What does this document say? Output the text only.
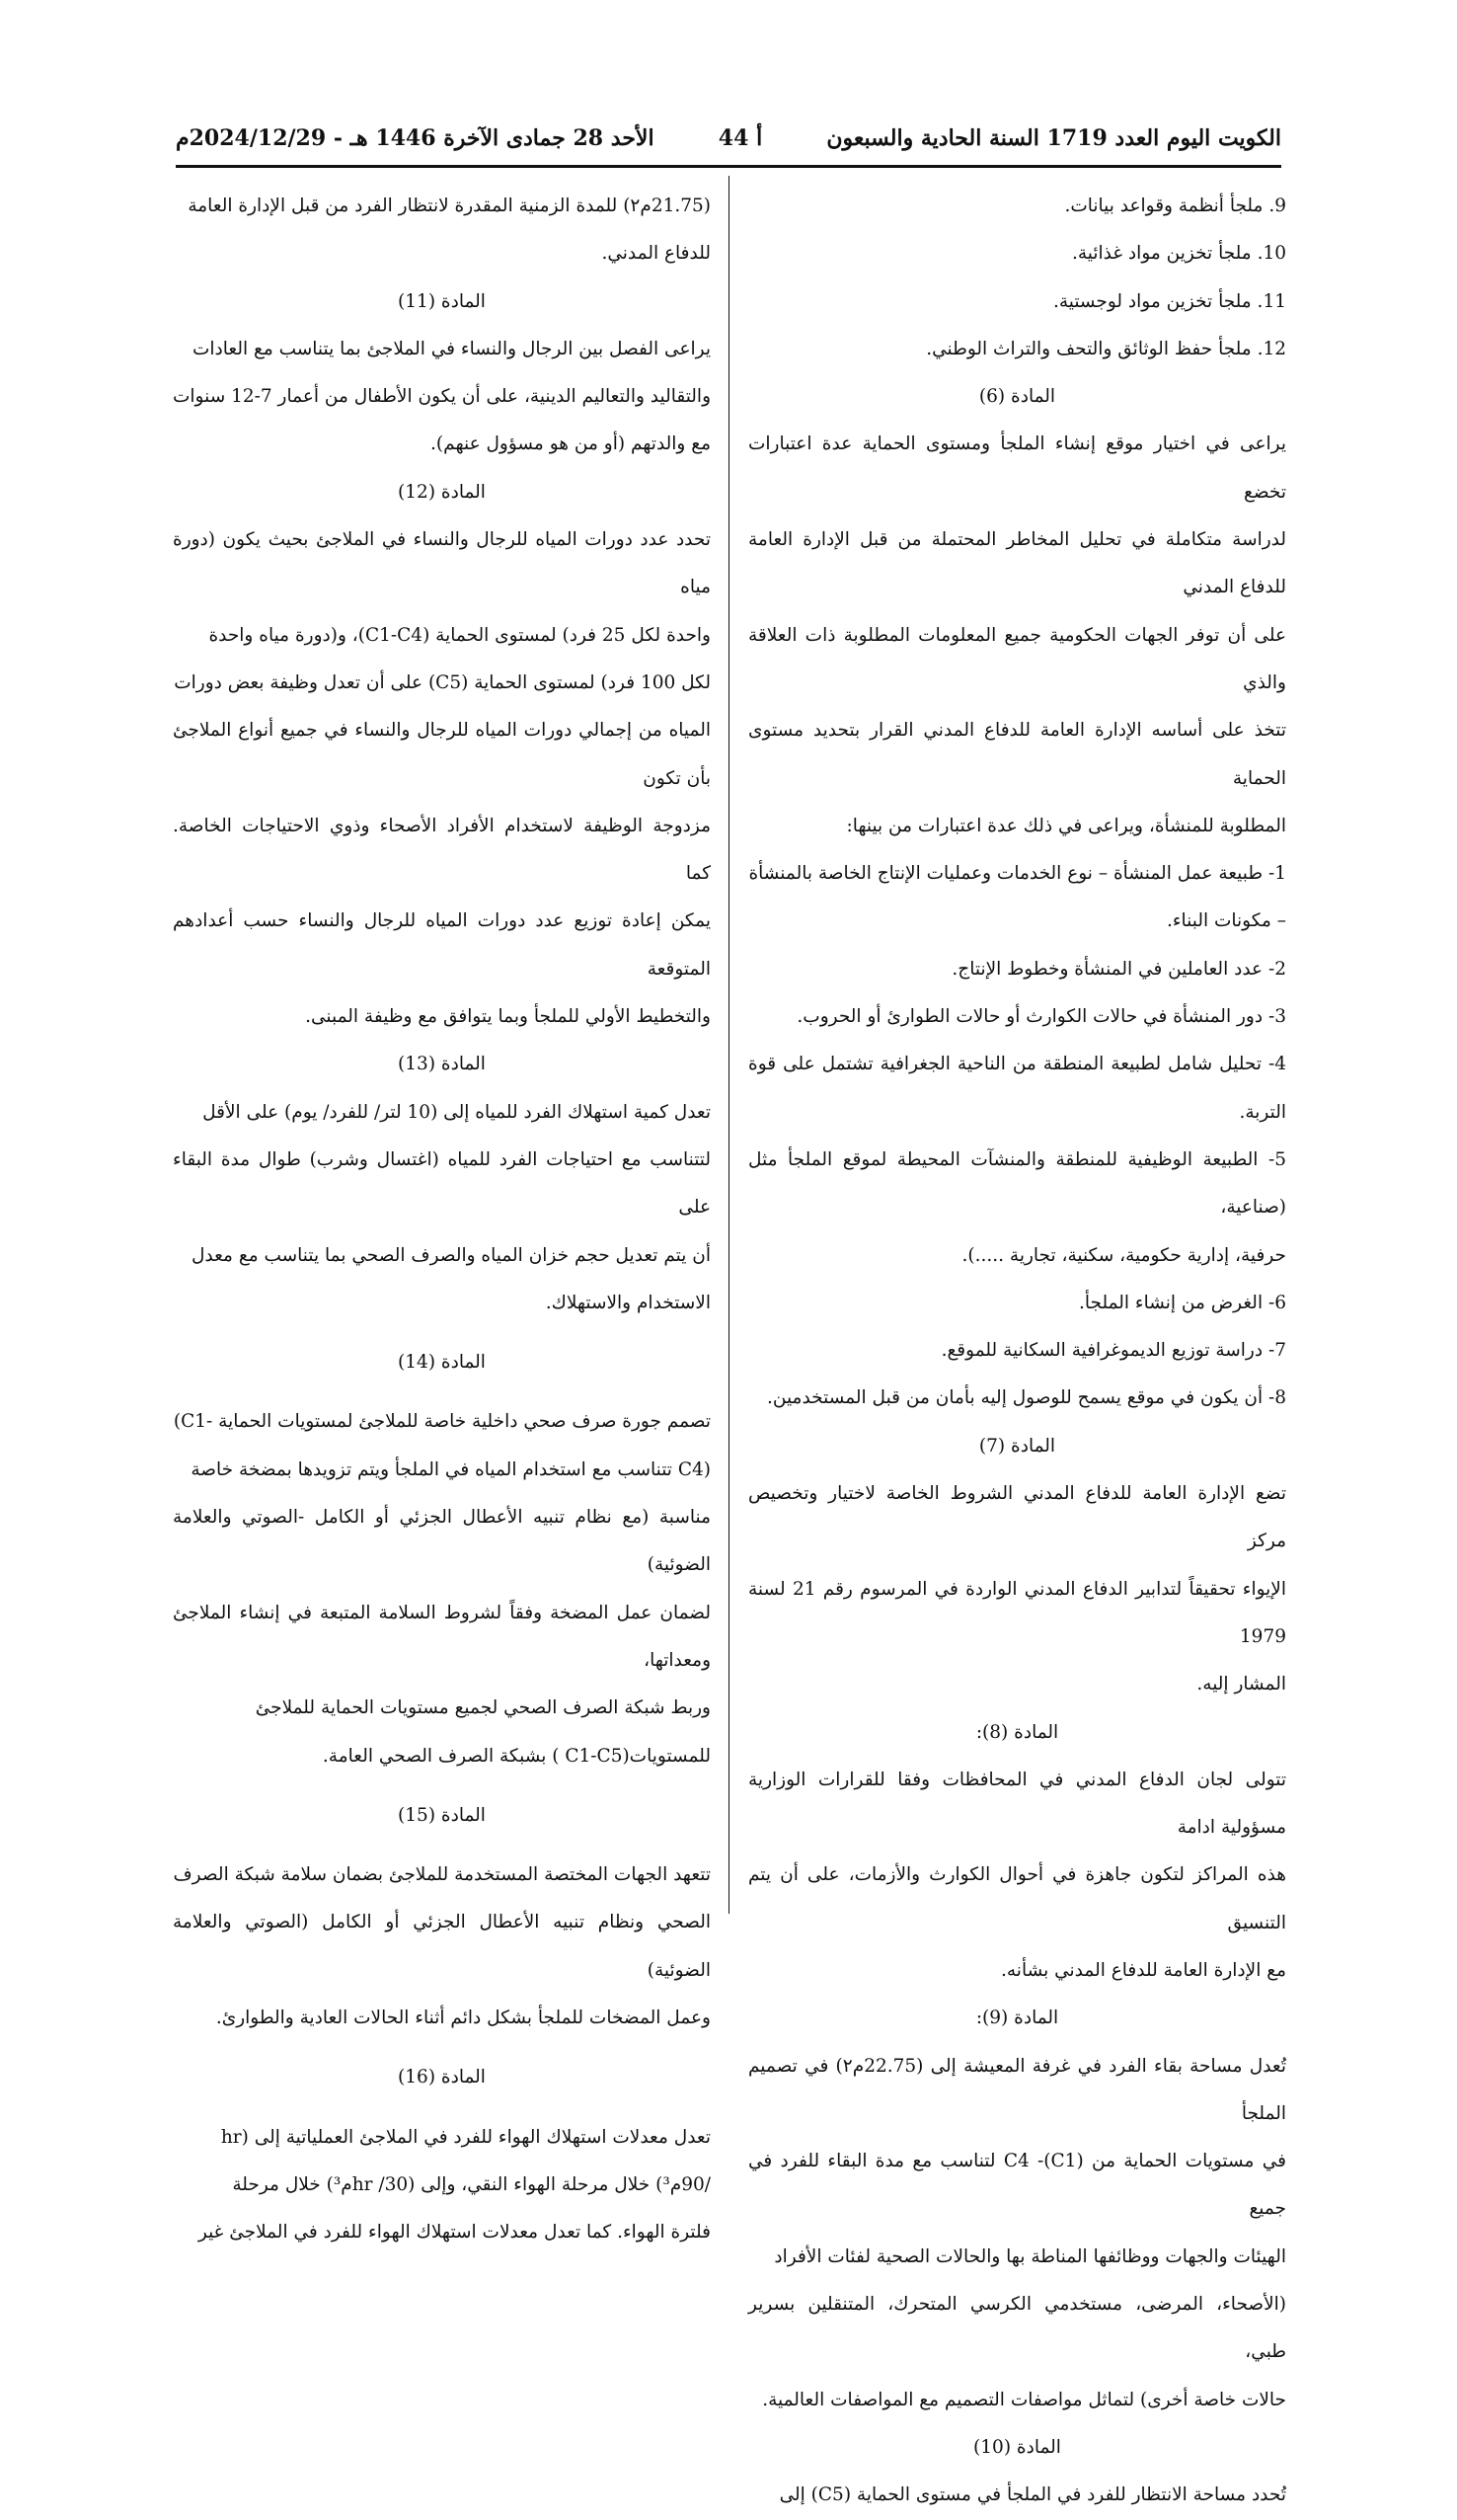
الكويت اليوم العدد 1719 السنة الحادية والسبعون
أ 44
الأحد 28 جمادى الآخرة 1446 هـ - 2024/12/29م

9. ملجأ أنظمة وقواعد بيانات.

10. ملجأ تخزين مواد غذائية.

11. ملجأ تخزين مواد لوجستية.

12. ملجأ حفظ الوثائق والتحف والتراث الوطني.

المادة (6)

يراعى في اختيار موقع إنشاء الملجأ ومستوى الحماية عدة اعتبارات تخضع

لدراسة متكاملة في تحليل المخاطر المحتملة من قبل الإدارة العامة للدفاع المدني

على أن توفر الجهات الحكومية جميع المعلومات المطلوبة ذات العلاقة والذي

تتخذ على أساسه الإدارة العامة للدفاع المدني القرار بتحديد مستوى الحماية

المطلوبة للمنشأة، ويراعى في ذلك عدة اعتبارات من بينها:

1- طبيعة عمل المنشأة – نوع الخدمات وعمليات الإنتاج الخاصة بالمنشأة

– مكونات البناء.

2- عدد العاملين في المنشأة وخطوط الإنتاج.

3- دور المنشأة في حالات الكوارث أو حالات الطوارئ أو الحروب.

4- تحليل شامل لطبيعة المنطقة من الناحية الجغرافية تشتمل على قوة التربة.

5- الطبيعة الوظيفية للمنطقة والمنشآت المحيطة لموقع الملجأ مثل (صناعية،

حرفية، إدارية حكومية، سكنية، تجارية .....).

6- الغرض من إنشاء الملجأ.

7- دراسة توزيع الديموغرافية السكانية للموقع.

8- أن يكون في موقع يسمح للوصول إليه بأمان من قبل المستخدمين.

المادة (7)

تضع الإدارة العامة للدفاع المدني الشروط الخاصة لاختيار وتخصيص مركز

الإيواء تحقيقاً لتدابير الدفاع المدني الواردة في المرسوم رقم 21 لسنة 1979

المشار إليه.

المادة (8):

تتولى لجان الدفاع المدني في المحافظات وفقا للقرارات الوزارية مسؤولية ادامة

هذه المراكز لتكون جاهزة في أحوال الكوارث والأزمات، على أن يتم التنسيق

مع الإدارة العامة للدفاع المدني بشأنه.

المادة (9):

تُعدل مساحة بقاء الفرد في غرفة المعيشة إلى (22.75م٢) في تصميم الملجأ

في مستويات الحماية من (C1)- C4 لتناسب مع مدة البقاء للفرد في جميع

الهيئات والجهات ووظائفها المناطة بها والحالات الصحية لفئات الأفراد

(الأصحاء، المرضى، مستخدمي الكرسي المتحرك، المتنقلين بسرير طبي،

حالات خاصة أخرى) لتماثل مواصفات التصميم مع المواصفات العالمية.

المادة (10)

تُحدد مساحة الانتظار للفرد في الملجأ في مستوى الحماية (C5) إلى

(21.75م٢) للمدة الزمنية المقدرة لانتظار الفرد من قبل الإدارة العامة

للدفاع المدني.

المادة (11)

يراعى الفصل بين الرجال والنساء في الملاجئ بما يتناسب مع العادات

والتقاليد والتعاليم الدينية، على أن يكون الأطفال من أعمار 7-12 سنوات

مع والدتهم (أو من هو مسؤول عنهم).

المادة (12)

تحدد عدد دورات المياه للرجال والنساء في الملاجئ بحيث يكون (دورة مياه

واحدة لكل 25 فرد) لمستوى الحماية (C1-C4)، و(دورة مياه واحدة

لكل 100 فرد) لمستوى الحماية (C5) على أن تعدل وظيفة بعض دورات

المياه من إجمالي دورات المياه للرجال والنساء في جميع أنواع الملاجئ بأن تكون

مزدوجة الوظيفة لاستخدام الأفراد الأصحاء وذوي الاحتياجات الخاصة. كما

يمكن إعادة توزيع عدد دورات المياه للرجال والنساء حسب أعدادهم المتوقعة

والتخطيط الأولي للملجأ وبما يتوافق مع وظيفة المبنى.

المادة (13)

تعدل كمية استهلاك الفرد للمياه إلى (10 لتر/ للفرد/ يوم) على الأقل

لتتناسب مع احتياجات الفرد للمياه (اغتسال وشرب) طوال مدة البقاء على

أن يتم تعديل حجم خزان المياه والصرف الصحي بما يتناسب مع معدل

الاستخدام والاستهلاك.

المادة (14)

تصمم جورة صرف صحي داخلية خاصة للملاجئ لمستويات الحماية -C1)

(C4 تتناسب مع استخدام المياه في الملجأ ويتم تزويدها بمضخة خاصة

مناسبة (مع نظام تنبيه الأعطال الجزئي أو الكامل -الصوتي والعلامة الضوئية)

لضمان عمل المضخة وفقاً لشروط السلامة المتبعة في إنشاء الملاجئ ومعداتها،

وربط شبكة الصرف الصحي لجميع مستويات الحماية للملاجئ

للمستويات(C1-C5 ) بشبكة الصرف الصحي العامة.

المادة (15)

تتعهد الجهات المختصة المستخدمة للملاجئ بضمان سلامة شبكة الصرف

الصحي ونظام تنبيه الأعطال الجزئي أو الكامل (الصوتي والعلامة الضوئية)

وعمل المضخات للملجأ بشكل دائم أثناء الحالات العادية والطوارئ.

المادة (16)

تعدل معدلات استهلاك الهواء للفرد في الملاجئ العملياتية إلى (hr

/90م³) خلال مرحلة الهواء النقي، وإلى (hr /30م³) خلال مرحلة

فلترة الهواء. كما تعدل معدلات استهلاك الهواء للفرد في الملاجئ غير
